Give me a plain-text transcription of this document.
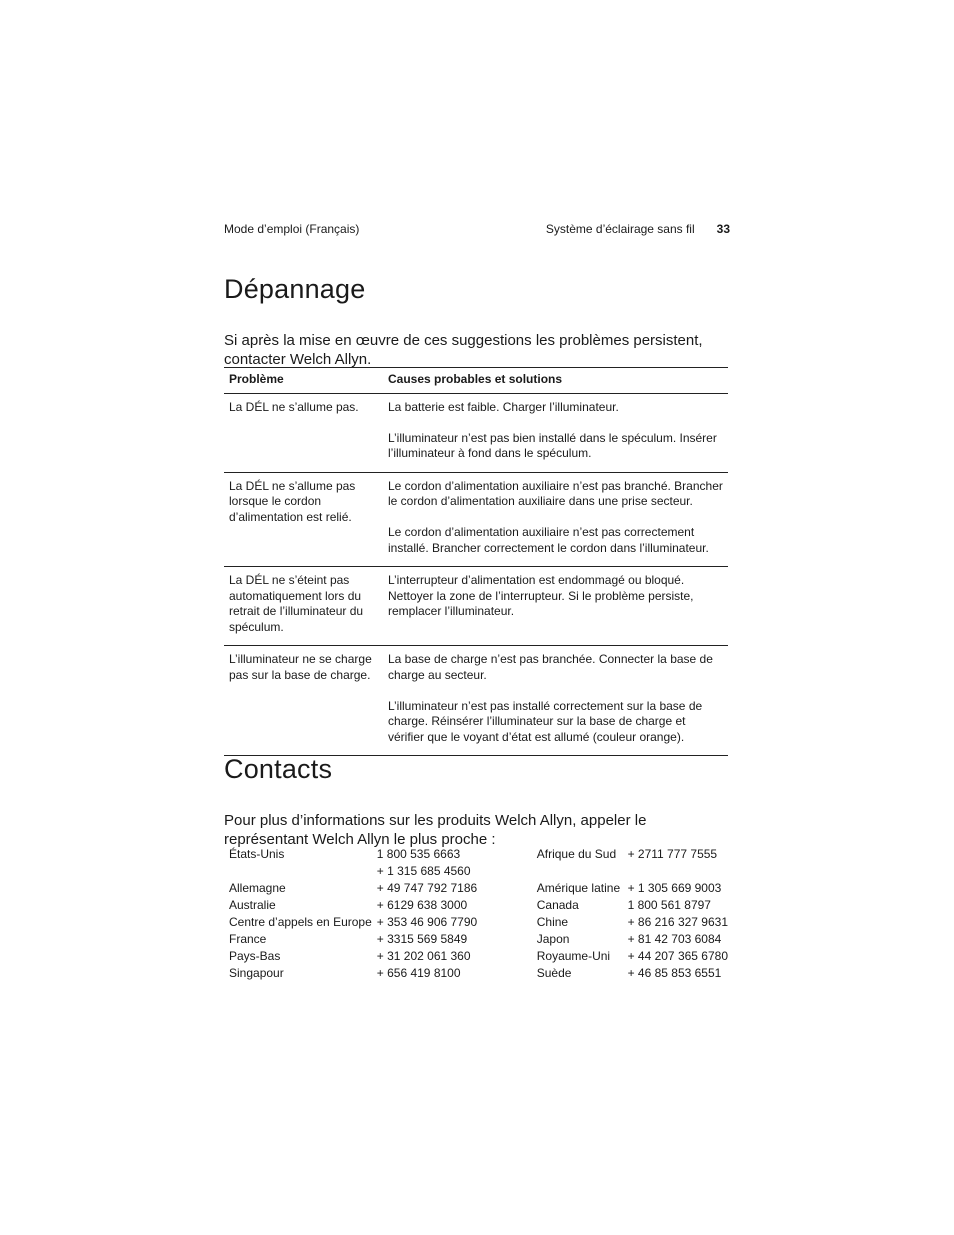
Mode d’emploi (Français)	Système d’éclairage sans fil 33
Dépannage

Si après la mise en œuvre de ces suggestions les problèmes persistent, contacter Welch Allyn.

Problème	Causes probables et solutions
La DÉL ne s’allume pas.	La batterie est faible. Charger l’illuminateur.
L’illuminateur n’est pas bien installé dans le spéculum. Insérer l’illuminateur à fond dans le spéculum.

La DÉL ne s’allume pas lorsque le cordon d’alimentation est relié.	Le cordon d’alimentation auxiliaire n’est pas branché. Brancher le cordon d’alimentation auxiliaire dans une prise secteur.
Le cordon d’alimentation auxiliaire n’est pas correctement installé. Brancher correctement le cordon dans l’illuminateur.

La DÉL ne s’éteint pas automatiquement lors du retrait de l’illuminateur du spéculum.	L’interrupteur d’alimentation est endommagé ou bloqué. Nettoyer la zone de l’interrupteur. Si le problème persiste, remplacer l’illuminateur.

L’illuminateur ne se charge pas sur la base de charge.	La base de charge n’est pas branchée. Connecter la base de charge au secteur.
L’illuminateur n’est pas installé correctement sur la base de charge. Réinsérer l’illuminateur sur la base de charge et vérifier que le voyant d’état est allumé (couleur orange).
Contacts

Pour plus d’informations sur les produits Welch Allyn, appeler le représentant Welch Allyn le plus proche :

États-Unis	1 800 535 6663	Afrique du Sud	+ 2711 777 7555
	+ 1 315 685 4560		
Allemagne	+ 49 747 792 7186	Amérique latine	+ 1 305 669 9003
Australie	+ 6129 638 3000	Canada	1 800 561 8797
Centre d’appels en Europe	+ 353 46 906 7790	Chine	+ 86 216 327 9631
France	+ 3315 569 5849	Japon	+ 81 42 703 6084
Pays-Bas	+ 31 202 061 360	Royaume-Uni	+ 44 207 365 6780
Singapour	+ 656 419 8100	Suède	+ 46 85 853 6551
